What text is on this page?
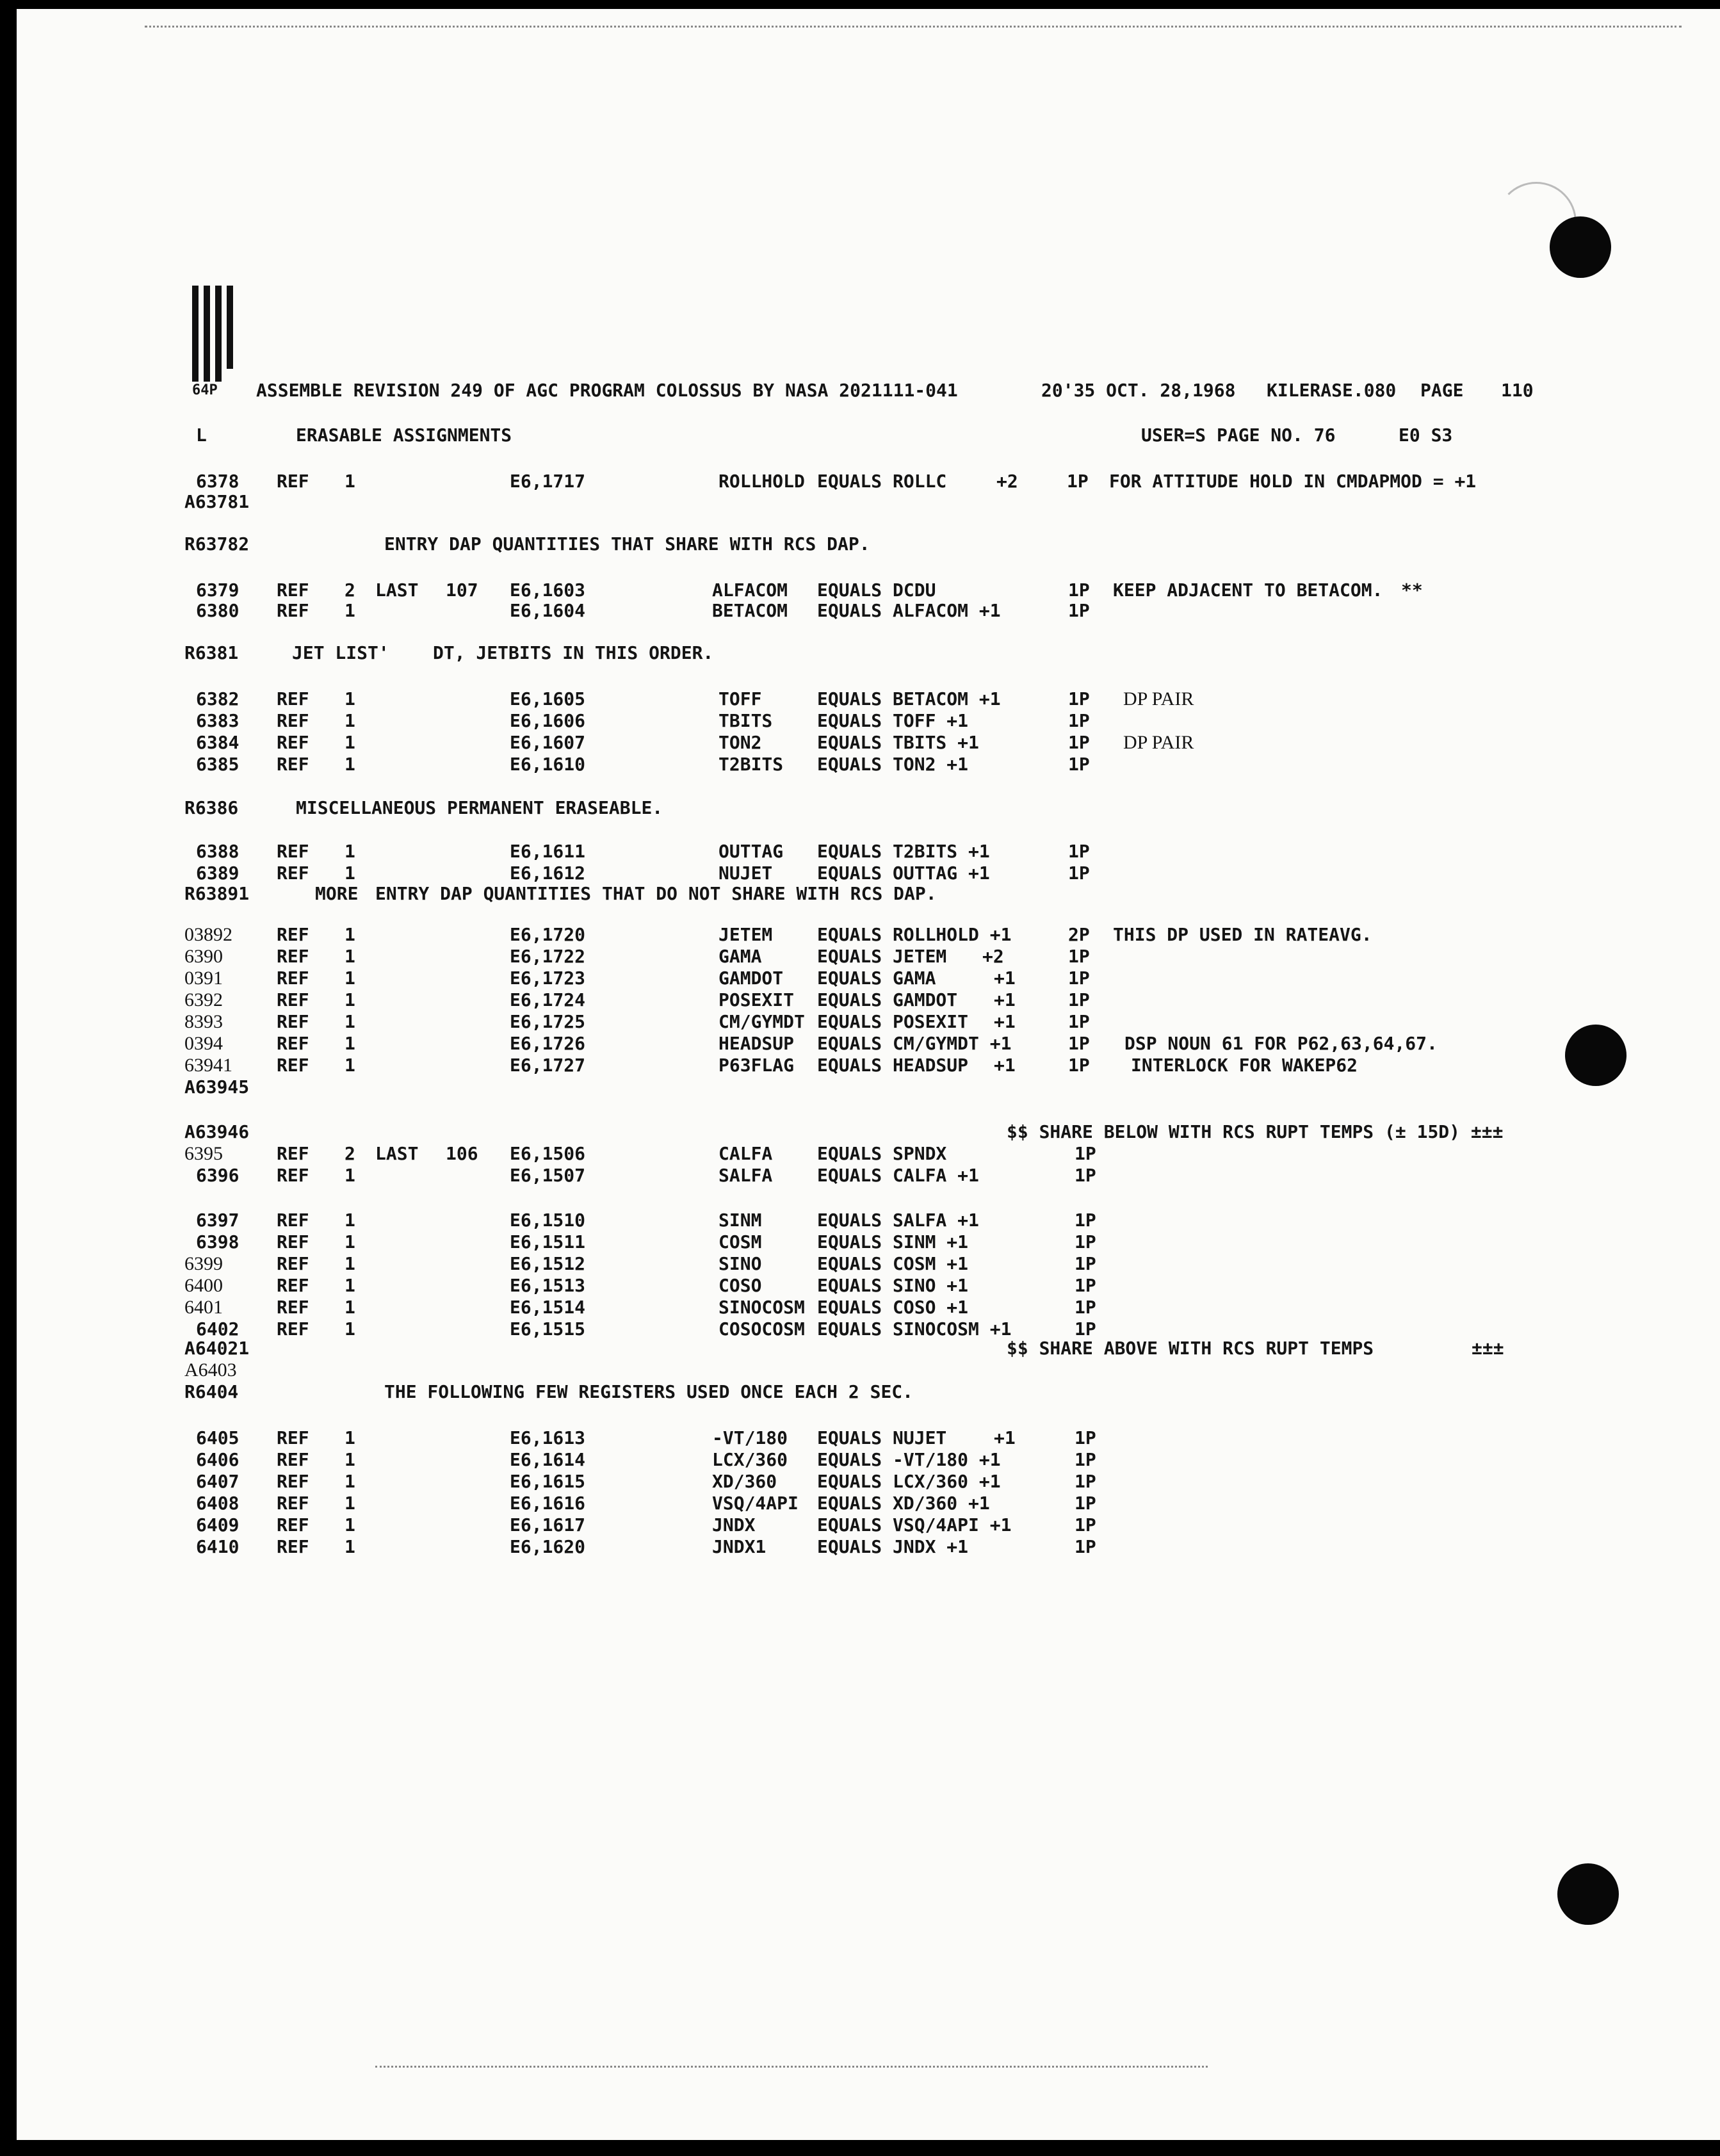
64P ASSEMBLE REVISION 249 OF AGC PROGRAM COLOSSUS BY NASA 2021111-041	20'35 OCT. 28,1968 KILERASE.080 PAGE 110
L	ERASABLE ASSIGNMENTS	USER=S PAGE NO. 76	E0 S3
6378 REF 1	E6,1717	ROLLHOLD EQUALS ROLLC	+2	1P FOR ATTITUDE HOLD IN CMDAPMOD = +1
A63781
R63782	ENTRY DAP QUANTITIES THAT SHARE WITH RCS DAP.
6379 REF 2 LAST 107 E6,1603	ALFACOM EQUALS DCDU	1P KEEP ADJACENT TO BETACOM. **
6380 REF 1	E6,1604	BETACOM EQUALS ALFACOM +1	1P
R6381	JET LIST' DT, JETBITS IN THIS ORDER.
6382 REF 1	E6,1605	TOFF	EQUALS BETACOM +1	1P DP PAIR
6383 REF 1	E6,1606	TBITS EQUALS TOFF +1	1P
6384 REF 1	E6,1607	TON2	EQUALS TBITS +1	1P DP PAIR
6385 REF 1	E6,1610	T2BITS EQUALS TON2 +1	1P
R6386	MISCELLANEOUS PERMANENT ERASEABLE.
6388 REF 1	E6,1611	OUTTAG EQUALS T2BITS +1	1P
6389 REF 1	E6,1612	NUJET EQUALS OUTTAG +1	1P
R63891	MORE ENTRY DAP QUANTITIES THAT DO NOT SHARE WITH RCS DAP.
03892 REF 1	E6,1720	JETEM EQUALS ROLLHOLD +1	2P THIS DP USED IN RATEAVG.
6390	REF 1	E6,1722	GAMA	EQUALS JETEM +2	1P
0391	REF 1	E6,1723	GAMDOT EQUALS GAMA	+1	1P
6392	REF 1	E6,1724	POSEXIT EQUALS GAMDOT +1	1P
8393	REF 1	E6,1725	CM/GYMDT EQUALS POSEXIT +1	1P
0394	REF 1	E6,1726	HEADSUP EQUALS CM/GYMDT +1	1P DSP NOUN 61 FOR P62,63,64,67.
63941 REF 1	E6,1727	P63FLAG EQUALS HEADSUP +1	1P INTERLOCK FOR WAKEP62
A63945
A63946	$$ SHARE BELOW WITH RCS RUPT TEMPS (± 15D) ±±±
6395	REF 2 LAST 106 E6,1506	CALFA EQUALS SPNDX	1P
6396 REF 1	E6,1507	SALFA EQUALS CALFA +1	1P
6397 REF 1	E6,1510	SINM	EQUALS SALFA +1	1P
6398 REF 1	E6,1511	COSM	EQUALS SINM +1	1P
6399	REF 1	E6,1512	SINO	EQUALS COSM +1	1P
6400	REF 1	E6,1513	COSO	EQUALS SINO +1	1P
6401	REF 1	E6,1514	SINOCOSM EQUALS COSO +1	1P
6402 REF 1	E6,1515	COSOCOSM EQUALS SINOCOSM +1	1P
A64021	$$ SHARE ABOVE WITH RCS RUPT TEMPS	±±±
A6403
R6404	THE FOLLOWING FEW REGISTERS USED ONCE EACH 2 SEC.
6405 REF 1	E6,1613	-VT/180 EQUALS NUJET	+1	1P
6406 REF 1	E6,1614	LCX/360 EQUALS -VT/180 +1	1P
6407 REF 1	E6,1615	XD/360 EQUALS LCX/360 +1	1P
6408 REF 1	E6,1616	VSQ/4API EQUALS XD/360 +1	1P
6409 REF 1	E6,1617	JNDX	EQUALS VSQ/4API +1	1P
6410 REF 1	E6,1620	JNDX1	EQUALS JNDX +1	1P
